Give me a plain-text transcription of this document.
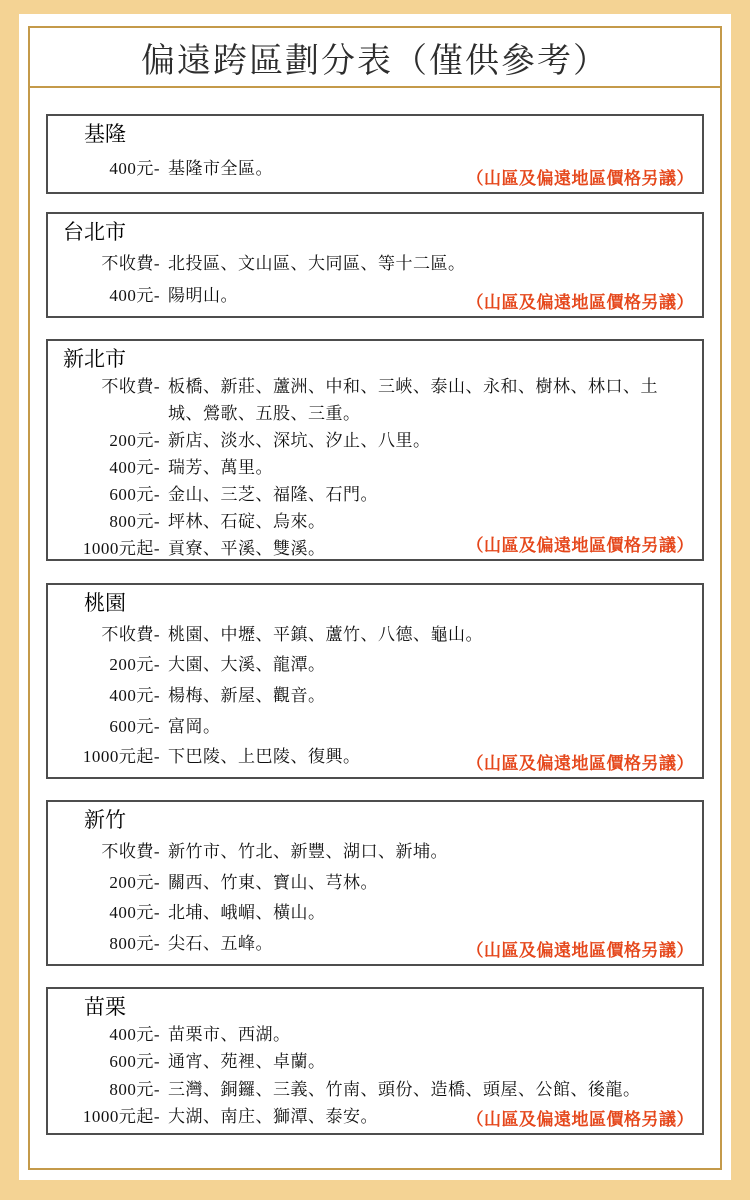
偏遠跨區劃分表（僅供參考）
基隆
400元- 基隆市全區。
（山區及偏遠地區價格另議）
台北市
不收費- 北投區、文山區、大同區、等十二區。
400元- 陽明山。	（山區及偏遠地區價格另議）
新北市
不收費- 板橋、新莊、蘆洲、中和、三峽、泰山、永和、樹林、林口、土城、鶯歌、五股、三重。
200元- 新店、淡水、深坑、汐止、八里。
400元- 瑞芳、萬里。
600元- 金山、三芝、福隆、石門。
800元- 坪林、石碇、烏來。
1000元起- 貢寮、平溪、雙溪。	（山區及偏遠地區價格另議）
桃園
不收費- 桃園、中壢、平鎮、蘆竹、八德、龜山。
200元- 大園、大溪、龍潭。
400元- 楊梅、新屋、觀音。
600元- 富岡。
1000元起- 下巴陵、上巴陵、復興。	（山區及偏遠地區價格另議）
新竹
不收費- 新竹市、竹北、新豐、湖口、新埔。
200元- 關西、竹東、寶山、芎林。
400元- 北埔、峨嵋、橫山。
800元- 尖石、五峰。	（山區及偏遠地區價格另議）
苗栗
400元- 苗栗市、西湖。
600元- 通宵、苑裡、卓蘭。
800元- 三灣、銅鑼、三義、竹南、頭份、造橋、頭屋、公館、後龍。
1000元起- 大湖、南庄、獅潭、泰安。	（山區及偏遠地區價格另議）
